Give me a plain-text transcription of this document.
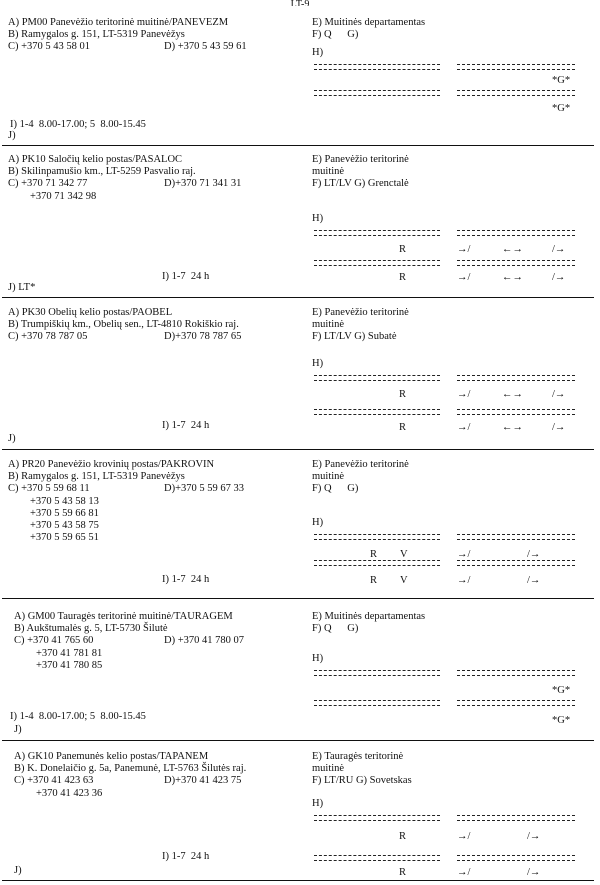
LT-9
A) PM00 Panevėžio teritorinė muitinė/PANEVEZM
B) Ramygalos g. 151, LT-5319 Panevėžys
C) +370 5 43 58 01	D) +370 5 43 59 61
E) Muitinės departamentas
F) Q      G)
H)
*G*
*G*
I) 1-4  8.00-17.00; 5  8.00-15.45
J)
A) PK10 Saločių kelio postas/PASALOC
B) Skilinpamušio km., LT-5259 Pasvalio raj.
C) +370 71 342 77
+370 71 342 98
D)+370 71 341 31
E) Panevėžio teritorinė
muitinė
F) LT/LV G) Grenctalė
H)
R	→/	←→	/→
R	→/	←→	/→
I) 1-7  24 h
J) LT*
A) PK30 Obelių kelio postas/PAOBEL
B) Trumpiškių km., Obelių sen., LT-4810 Rokiškio raj.
C) +370 78 787 05	D)+370 78 787 65
E) Panevėžio teritorinė
muitinė
F) LT/LV G) Subatė
H)
R	→/	←→	/→
R	→/	←→	/→
I) 1-7  24 h
J)
A) PR20 Panevėžio krovinių postas/PAKROVIN
B) Ramygalos g. 151, LT-5319 Panevėžys
C) +370 5 59 68 11
+370 5 43 58 13
+370 5 59 66 81
+370 5 43 58 75
+370 5 59 65 51
D)+370 5 59 67 33
E) Panevėžio teritorinė
muitinė
F) Q      G)
H)
R V	→/	/→
R V	→/	/→
I) 1-7  24 h
A) GM00 Tauragės teritorinė muitinė/TAURAGEM
B) Aukštumalės g. 5, LT-5730 Šilutė
C) +370 41 765 60
+370 41 781 81
+370 41 780 85
D) +370 41 780 07
E) Muitinės departamentas
F) Q      G)
H)
*G*
*G*
I) 1-4  8.00-17.00; 5  8.00-15.45
J)
A) GK10 Panemunės kelio postas/TAPANEM
B) K. Donelaičio g. 5a, Panemunė, LT-5763 Šilutės raj.
C) +370 41 423 63
+370 41 423 36
D)+370 41 423 75
E) Tauragės teritorinė
muitinė
F) LT/RU G) Sovetskas
H)
R	→/	/→
R	→/	/→
I) 1-7  24 h
J)
